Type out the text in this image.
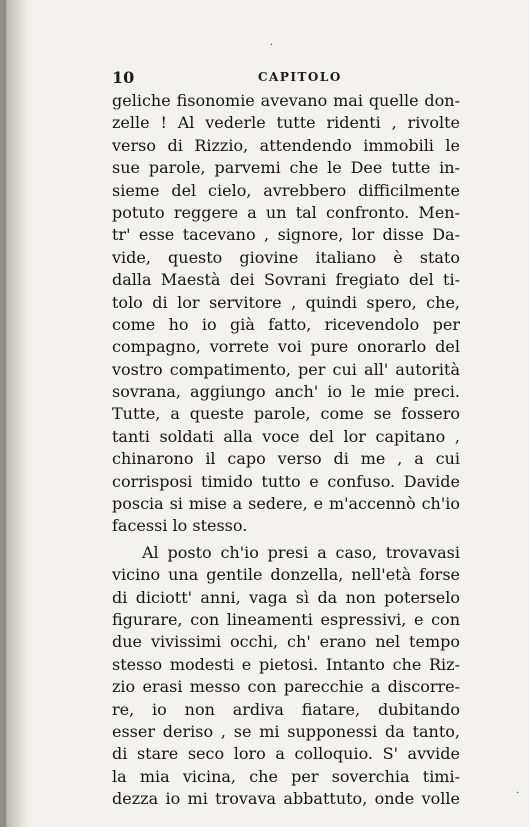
·
·
10	CAPITOLO
geliche fisonomie avevano mai quelle don-
zelle ! Al vederle tutte ridenti , rivolte
verso di Rizzio, attendendo immobili le
sue parole, parvemi che le Dee tutte in-
sieme del cielo, avrebbero difficilmente
potuto reggere a un tal confronto. Men-
tr' esse tacevano , signore, lor disse Da-
vide, questo giovine italiano è stato
dalla Maestà dei Sovrani fregiato del ti-
tolo di lor servitore , quindi spero, che,
come ho io già fatto, ricevendolo per
compagno, vorrete voi pure onorarlo del
vostro compatimento, per cui all' autorità
sovrana, aggiungo anch' io le mie preci.
Tutte, a queste parole, come se fossero
tanti soldati alla voce del lor capitano ,
chinarono il capo verso di me , a cui
corrisposi timido tutto e confuso. Davide
poscia si mise a sedere, e m'accennò ch'io
facessi lo stesso.
Al posto ch'io presi a caso, trovavasi
vicino una gentile donzella, nell'età forse
di diciott' anni, vaga sì da non poterselo
figurare, con lineamenti espressivi, e con
due vivissimi occhi, ch' erano nel tempo
stesso modesti e pietosi. Intanto che Riz-
zio erasi messo con parecchie a discorre-
re, io non ardiva fiatare, dubitando
esser deriso , se mi supponessi da tanto,
di stare seco loro a colloquio. S' avvide
la mia vicina, che per soverchia timi-
dezza io mi trovava abbattuto, onde volle
